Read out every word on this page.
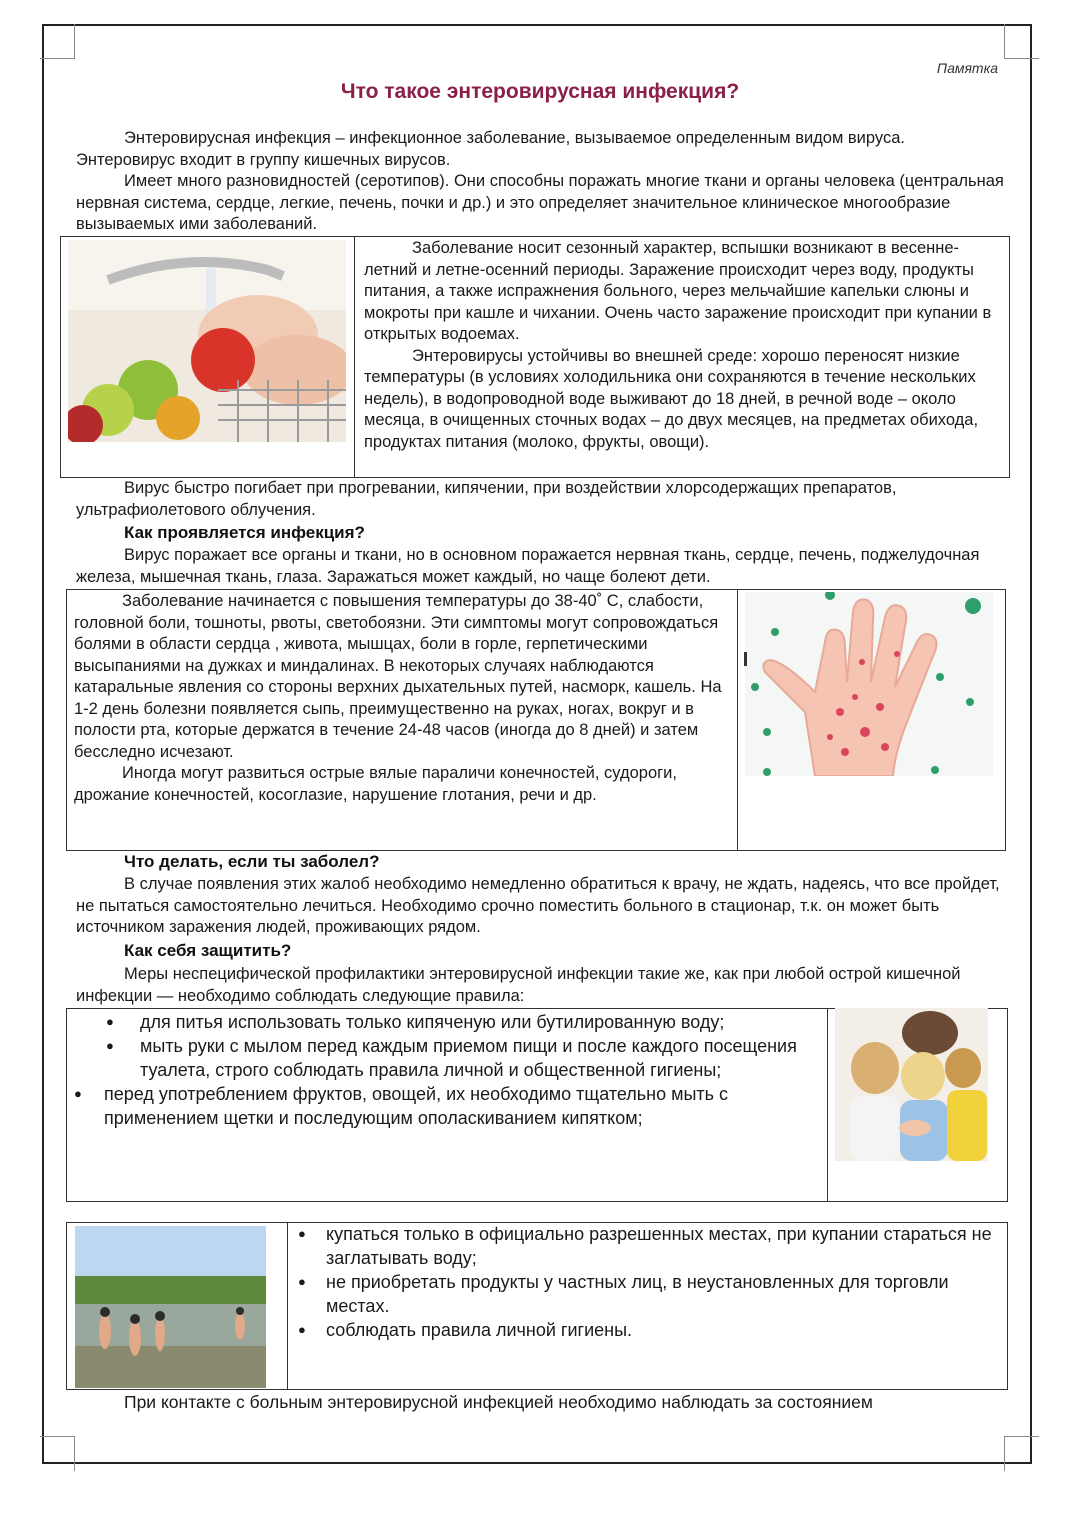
Памятка
Что такое энтеровирусная инфекция?

Энтеровирусная инфекция – инфекционное заболевание, вызываемое определенным видом вируса. Энтеровирус входит в группу кишечных вирусов.

Имеет много разновидностей (серотипов). Они способны поражать многие ткани и органы человека (центральная нервная система, сердце, легкие, печень, почки и др.) и это определяет значительное клиническое многообразие вызываемых ими заболеваний.

Заболевание носит сезонный характер, вспышки возникают в весенне-летний и летне-осенний периоды. Заражение происходит через воду, продукты питания, а также испражнения больного, через мельчайшие капельки слюны и мокроты при кашле и чихании. Очень часто заражение происходит при купании в открытых водоемах.

Энтеровирусы устойчивы во внешней среде: хорошо переносят низкие температуры (в условиях холодильника они сохраняются в течение нескольких недель), в водопроводной воде выживают до 18 дней, в речной воде – около месяца, в очищенных сточных водах – до двух месяцев, на предметах обихода, продуктах питания (молоко, фрукты, овощи).

Вирус быстро погибает при прогревании, кипячении, при воздействии хлорсодержащих препаратов, ультрафиолетового облучения.

Как проявляется инфекция?

Вирус поражает все органы и ткани, но в основном поражается нервная ткань, сердце, печень, поджелудочная железа, мышечная ткань, глаза. Заражаться может каждый, но чаще болеют дети.

Заболевание начинается с повышения температуры до 38-40˚ С, слабости, головной боли, тошноты, рвоты, светобоязни. Эти симптомы могут сопровождаться болями в области сердца , живота, мышцах, боли в горле, герпетическими высыпаниями на дужках и миндалинах. В некоторых случаях наблюдаются катаральные явления со стороны верхних дыхательных путей, насморк, кашель. На 1-2 день болезни появляется сыпь, преимущественно на руках, ногах, вокруг и в полости рта, которые держатся в течение 24-48 часов (иногда до 8 дней) и затем бесследно исчезают.

Иногда могут развиться острые вялые параличи конечностей, судороги, дрожание конечностей, косоглазие, нарушение глотания, речи и др.

Что делать, если ты заболел?

В случае появления этих жалоб необходимо немедленно обратиться к врачу, не ждать, надеясь, что все пройдет, не пытаться самостоятельно лечиться. Необходимо срочно поместить больного в стационар, т.к. он может быть источником заражения людей, проживающих рядом.

Как себя защитить?

Меры неспецифической профилактики энтеровирусной инфекции такие же, как при любой острой кишечной инфекции — необходимо соблюдать следующие правила:

● для питья использовать только кипяченую или бутилированную воду;
● мыть руки с мылом перед каждым приемом пищи и после каждого посещения туалета, строго соблюдать правила личной и общественной гигиены;
● перед употреблением фруктов, овощей, их необходимо тщательно мыть с применением щетки и последующим ополаскиванием кипятком;
● купаться только в официально разрешенных местах, при купании стараться не заглатывать воду;
● не приобретать продукты у частных лиц, в неустановленных для торговли местах.
● соблюдать правила личной гигиены.
При контакте с больным энтеровирусной инфекцией необходимо наблюдать за состоянием
